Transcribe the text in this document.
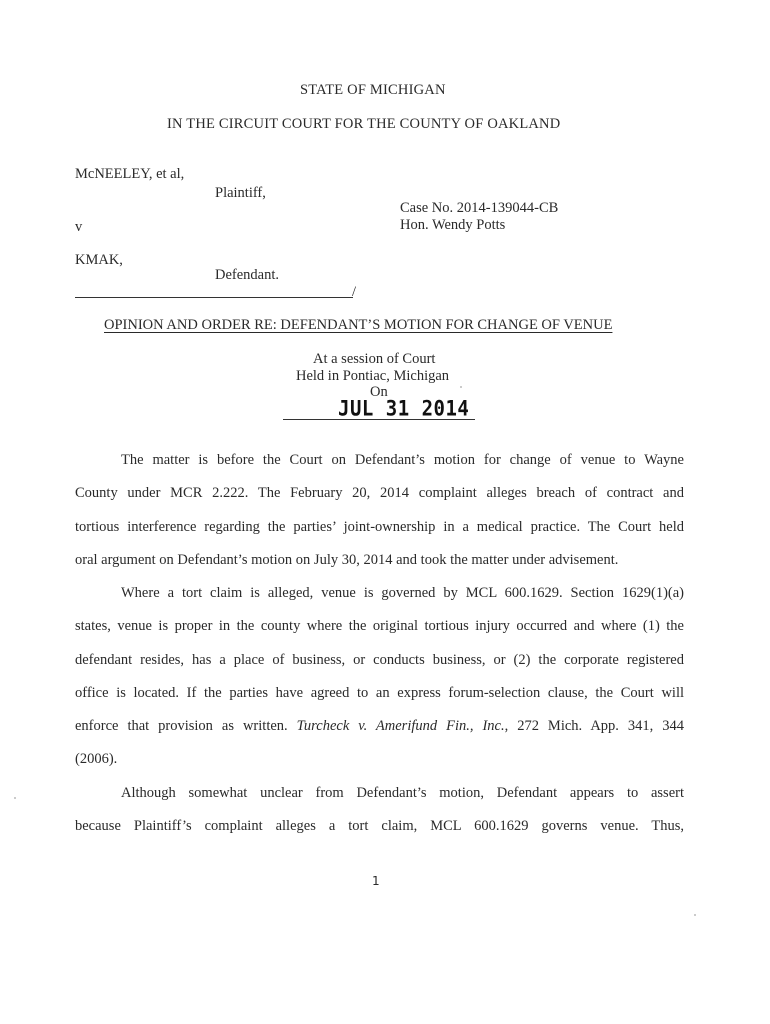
STATE OF MICHIGAN
IN THE CIRCUIT COURT FOR THE COUNTY OF OAKLAND
McNEELEY, et al,
Plaintiff,
Case No. 2014-139044-CB
v	Hon. Wendy Potts
KMAK,
Defendant.
/
OPINION AND ORDER RE: DEFENDANT’S MOTION FOR CHANGE OF VENUE
At a session of Court
Held in Pontiac, Michigan
On
JUL 31 2014
The matter is before the Court on Defendant’s motion for change of venue to Wayne
County under MCR 2.222. The February 20, 2014 complaint alleges breach of contract and
tortious interference regarding the parties’ joint-ownership in a medical practice. The Court held
oral argument on Defendant’s motion on July 30, 2014 and took the matter under advisement.
Where a tort claim is alleged, venue is governed by MCL 600.1629. Section 1629(1)(a)
states, venue is proper in the county where the original tortious injury occurred and where (1) the
defendant resides, has a place of business, or conducts business, or (2) the corporate registered
office is located. If the parties have agreed to an express forum-selection clause, the Court will
enforce that provision as written. Turcheck v. Amerifund Fin., Inc., 272 Mich. App. 341, 344
(2006).
Although somewhat unclear from Defendant’s motion, Defendant appears to assert
because Plaintiff’s complaint alleges a tort claim, MCL 600.1629 governs venue. Thus,
1
